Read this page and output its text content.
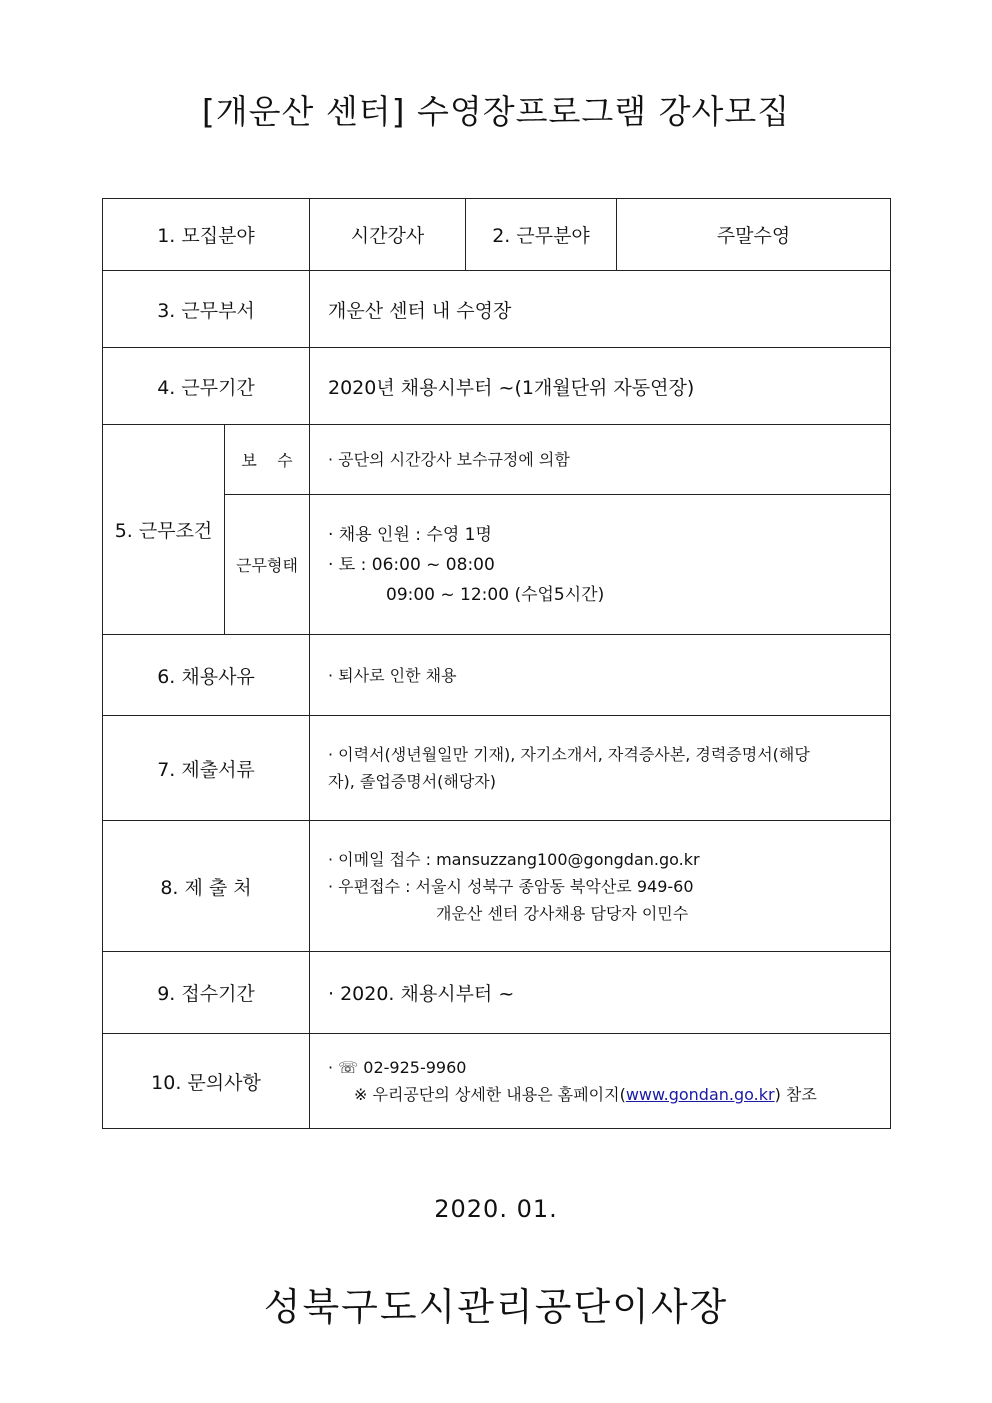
[개운산 센터] 수영장프로그램 강사모집
1. 모집분야		시간강사	2. 근무분야	주말수영
3. 근무부서		개운산 센터 내 수영장		
4. 근무기간		2020년 채용시부터 ~(1개월단위 자동연장)		
5. 근무조건	보    수	· 공단의 시간강사 보수규정에 의함		
	근무형태	· 채용 인원 : 수영 1명
· 토 : 06:00 ~ 08:00
09:00 ~ 12:00 (수업5시간)		

6. 채용사유		· 퇴사로 인한 채용		
7. 제출서류		· 이력서(생년월일만 기재), 자기소개서, 자격증사본, 경력증명서(해당
자), 졸업증명서(해당자)		

8. 제 출 처		· 이메일 접수 : mansuzzang100@gongdan.go.kr
· 우편접수 : 서울시 성북구 종암동 북악산로 949-60
개운산 센터 강사채용 담당자 이민수		

9. 접수기간		· 2020. 채용시부터 ~		
10. 문의사항		· ☏ 02-925-9960
※ 우리공단의 상세한 내용은 홈페이지(www.gondan.go.kr) 참조		
2020. 01.
성북구도시관리공단이사장
